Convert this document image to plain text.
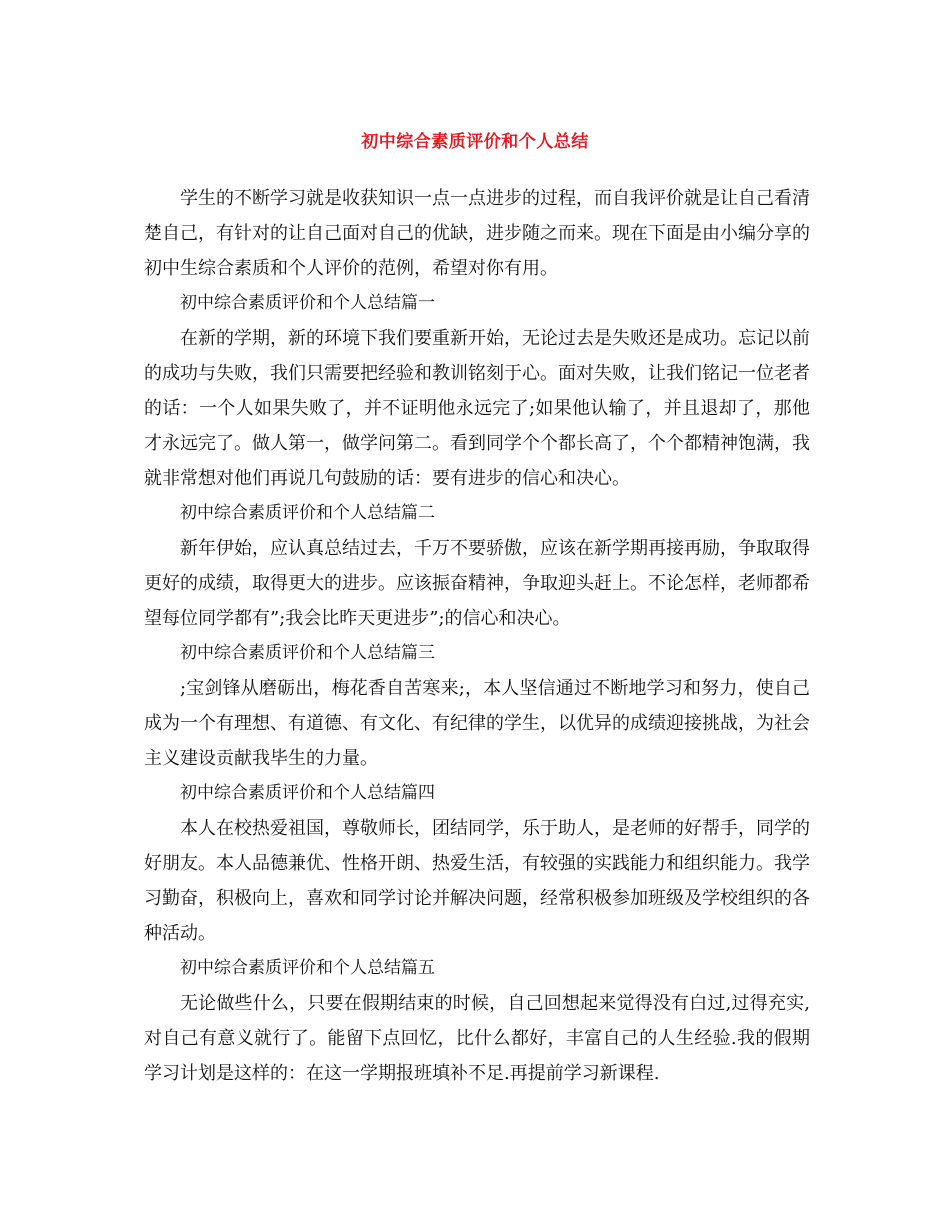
初中综合素质评价和个人总结

学生的不断学习就是收获知识一点一点进步的过程，而自我评价就是让自己看清楚自己，有针对的让自己面对自己的优缺，进步随之而来。现在下面是由小编分享的初中生综合素质和个人评价的范例，希望对你有用。

初中综合素质评价和个人总结篇一

在新的学期，新的环境下我们要重新开始，无论过去是失败还是成功。忘记以前的成功与失败，我们只需要把经验和教训铭刻于心。面对失败，让我们铭记一位老者的话：一个人如果失败了，并不证明他永远完了;如果他认输了，并且退却了，那他才永远完了。做人第一，做学问第二。看到同学个个都长高了，个个都精神饱满，我就非常想对他们再说几句鼓励的话：要有进步的信心和决心。

初中综合素质评价和个人总结篇二

新年伊始，应认真总结过去，千万不要骄傲，应该在新学期再接再励，争取取得更好的成绩，取得更大的进步。应该振奋精神，争取迎头赶上。不论怎样，老师都希望每位同学都有”;我会比昨天更进步”;的信心和决心。

初中综合素质评价和个人总结篇三

;宝剑锋从磨砺出，梅花香自苦寒来;，本人坚信通过不断地学习和努力，使自己成为一个有理想、有道德、有文化、有纪律的学生，以优异的成绩迎接挑战，为社会主义建设贡献我毕生的力量。

初中综合素质评价和个人总结篇四

本人在校热爱祖国，尊敬师长，团结同学，乐于助人，是老师的好帮手，同学的好朋友。本人品德兼优、性格开朗、热爱生活，有较强的实践能力和组织能力。我学习勤奋，积极向上，喜欢和同学讨论并解决问题，经常积极参加班级及学校组织的各种活动。

初中综合素质评价和个人总结篇五

无论做些什么，只要在假期结束的时候，自己回想起来觉得没有白过,过得充实,对自己有意义就行了。能留下点回忆，比什么都好，丰富自己的人生经验.我的假期学习计划是这样的：在这一学期报班填补不足.再提前学习新课程.
